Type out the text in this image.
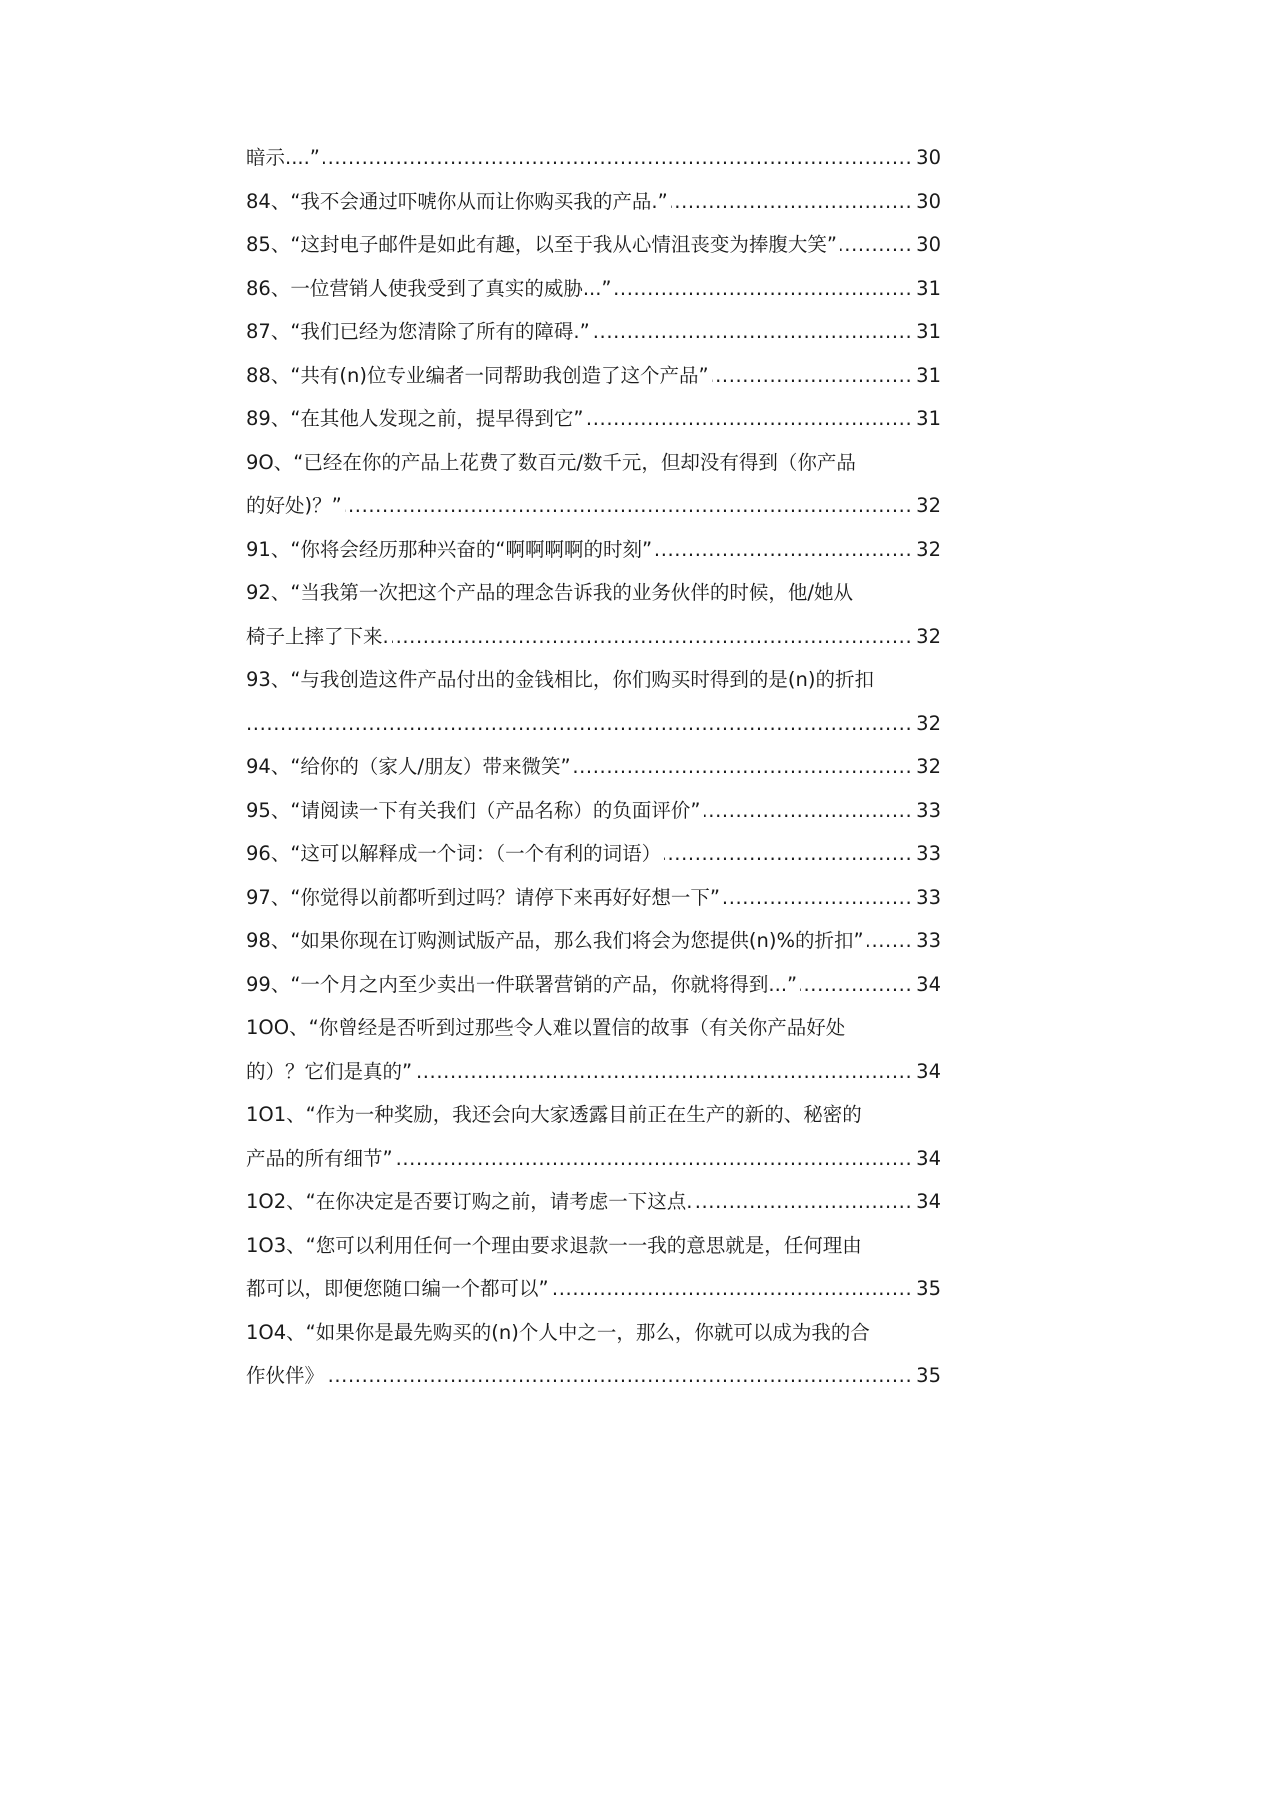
..... 暗示....”	30
..... 84、“我不会通过吓唬你从而让你购买我的产品.”	30
..... 85、“这封电子邮件是如此有趣，以至于我从心情沮丧变为捧腹大笑”	30
..... 86、一位营销人使我受到了真实的威胁...”	31
..... 87、“我们已经为您清除了所有的障碍.”	31
..... 88、“共有(n)位专业编者一同帮助我创造了这个产品”	31
..... 89、“在其他人发现之前，提早得到它”	31
9O、“已经在你的产品上花费了数百元/数千元，但却没有得到（你产品
..... 的好处)？”	32
..... 91、“你将会经历那种兴奋的“啊啊啊啊的时刻”	32
92、“当我第一次把这个产品的理念告诉我的业务伙伴的时候，他/她从
..... 椅子上摔了下来.	32
93、“与我创造这件产品付出的金钱相比，你们购买时得到的是(n)的折扣
..... 32
..... 94、“给你的（家人/朋友）带来微笑”	32
..... 95、“请阅读一下有关我们（产品名称）的负面评价”	33
..... 96、“这可以解释成一个词：（一个有利的词语）	33
..... 97、“你觉得以前都听到过吗？请停下来再好好想一下”	33
..... 98、“如果你现在订购测试版产品，那么我们将会为您提供(n)%的折扣”	33
..... 99、“一个月之内至少卖出一件联署营销的产品，你就将得到...”	34
1OO、“你曾经是否听到过那些令人难以置信的故事（有关你产品好处
..... 的）？它们是真的”	34
1O1、“作为一种奖励，我还会向大家透露目前正在生产的新的、秘密的
..... 产品的所有细节”	34
..... 1O2、“在你决定是否要订购之前，请考虑一下这点.	34
1O3、“您可以利用任何一个理由要求退款一一我的意思就是，任何理由
..... 都可以，即便您随口编一个都可以”	35
1O4、“如果你是最先购买的(n)个人中之一，那么，你就可以成为我的合
..... 作伙伴》	35
